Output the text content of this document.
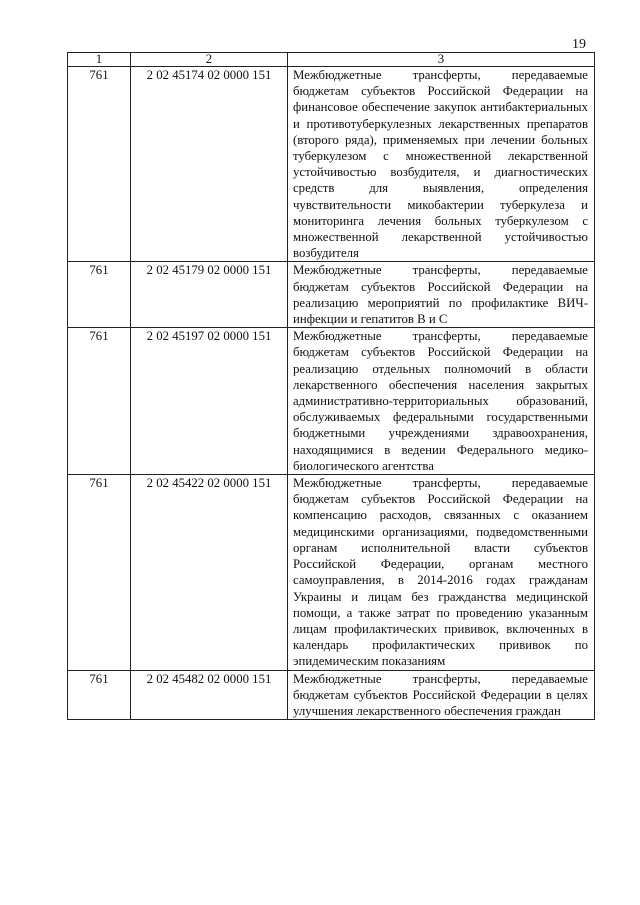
19
1	2	3
761	2 02 45174 02 0000 151	Межбюджетные трансферты, передаваемые бюджетам субъектов Российской Федерации на финансовое обеспечение закупок антибактериальных и противотуберкулезных лекарственных препаратов (второго ряда), применяемых при лечении больных туберкулезом с множественной лекарственной устойчивостью возбудителя, и диагностических средств для выявления, определения чувствительности микобактерии туберкулеза и мониторинга лечения больных туберкулезом с множественной лекарственной устойчивостью возбудителя
761	2 02 45179 02 0000 151	Межбюджетные трансферты, передаваемые бюджетам субъектов Российской Федерации на реализацию мероприятий по профилактике ВИЧ-инфекции и гепатитов B и C
761	2 02 45197 02 0000 151	Межбюджетные трансферты, передаваемые бюджетам субъектов Российской Федерации на реализацию отдельных полномочий в области лекарственного обеспечения населения закрытых административно-территориальных образований, обслуживаемых федеральными государственными бюджетными учреждениями здравоохранения, находящимися в ведении Федерального медико-биологического агентства
761	2 02 45422 02 0000 151	Межбюджетные трансферты, передаваемые бюджетам субъектов Российской Федерации на компенсацию расходов, связанных с оказанием медицинскими организациями, подведомственными органам исполнительной власти субъектов Российской Федерации, органам местного самоуправления, в 2014-2016 годах гражданам Украины и лицам без гражданства медицинской помощи, а также затрат по проведению указанным лицам профилактических прививок, включенных в календарь профилактических прививок по эпидемическим показаниям
761	2 02 45482 02 0000 151	Межбюджетные трансферты, передаваемые бюджетам субъектов Российской Федерации в целях улучшения лекарственного обеспечения граждан
